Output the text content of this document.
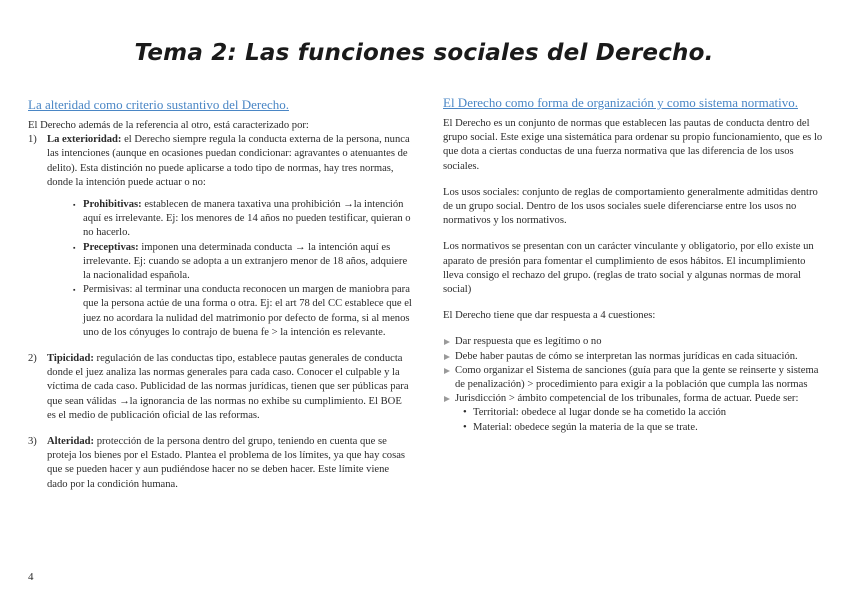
Tema 2: Las funciones sociales del Derecho.
La alteridad como criterio sustantivo del Derecho.
El Derecho además de la referencia al otro, está caracterizado por:
1) La exterioridad: el Derecho siempre regula la conducta externa de la persona, nunca las intenciones (aunque en ocasiones puedan condicionar: agravantes o atenuantes de delito). Esta distinción no puede aplicarse a todo tipo de normas, hay tres normas, donde la intención puede actuar o no:
▪ Prohibitivas: establecen de manera taxativa una prohibición →la intención aquí es irrelevante. Ej: los menores de 14 años no pueden testificar, quieran o no hacerlo.
▪ Preceptivas: imponen una determinada conducta → la intención aquí es irrelevante. Ej: cuando se adopta a un extranjero menor de 18 años, adquiere la nacionalidad española.
▪ Permisivas: al terminar una conducta reconocen un margen de maniobra para que la persona actúe de una forma o otra. Ej: el art 78 del CC establece que el juez no acordara la nulidad del matrimonio por defecto de forma, si al menos uno de los cónyuges lo contrajo de buena fe > la intención es relevante.
2) Tipicidad: regulación de las conductas tipo, establece pautas generales de conducta donde el juez analiza las normas generales para cada caso. Conocer el culpable y la víctima de cada caso. Publicidad de las normas jurídicas, tienen que ser públicas para que sean válidas →la ignorancia de las normas no exhibe su cumplimiento. El BOE es el medio de publicación oficial de las reformas.
3) Alteridad: protección de la persona dentro del grupo, teniendo en cuenta que se proteja los bienes por el Estado. Plantea el problema de los límites, ya que hay cosas que se pueden hacer y aun pudiéndose hacer no se deben hacer. Este límite viene dado por la condición humana.
El Derecho como forma de organización y como sistema normativo.
El Derecho es un conjunto de normas que establecen las pautas de conducta dentro del grupo social. Este exige una sistemática para ordenar su propio funcionamiento, que es lo que dota a ciertas conductas de una fuerza normativa que las diferencia de los usos sociales.
Los usos sociales: conjunto de reglas de comportamiento generalmente admitidas dentro de un grupo social. Dentro de los usos sociales suele diferenciarse entre los usos no normativos y los normativos.
Los normativos se presentan con un carácter vinculante y obligatorio, por ello existe un aparato de presión para fomentar el cumplimiento de esos hábitos. El incumplimiento lleva consigo el rechazo del grupo. (reglas de trato social y algunas normas de moral social)
El Derecho tiene que dar respuesta a 4 cuestiones:
Dar respuesta que es legítimo o no
Debe haber pautas de cómo se interpretan las normas jurídicas en cada situación.
Como organizar el Sistema de sanciones (guía para que la gente se reinserte y sistema de penalización) > procedimiento para exigir a la población que cumpla las normas
Jurisdicción > ámbito competencial de los tribunales, forma de actuar. Puede ser:
• Territorial: obedece al lugar donde se ha cometido la acción
• Material: obedece según la materia de la que se trate.
4
